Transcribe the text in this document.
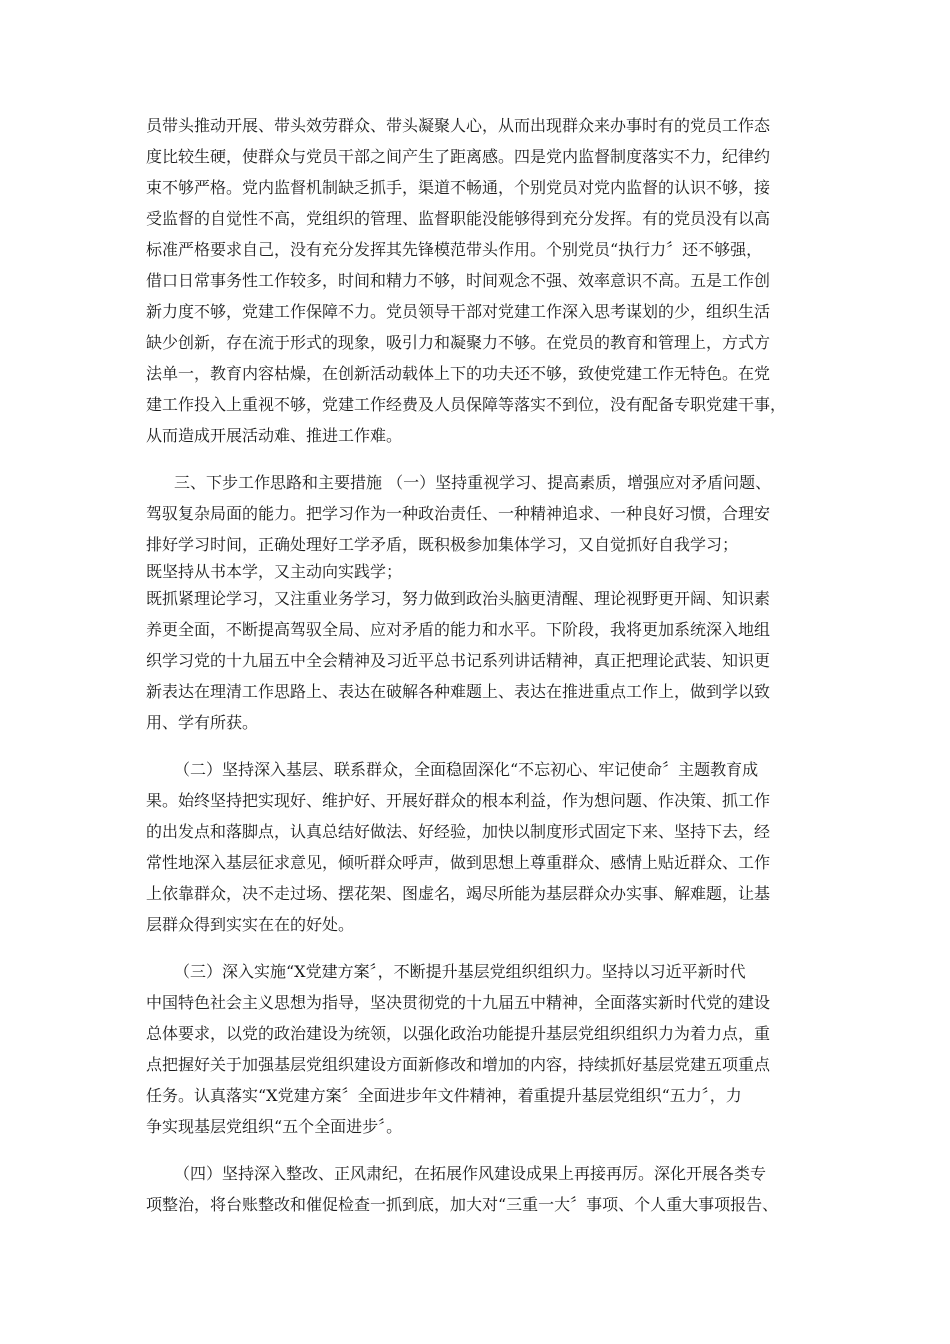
员带头推动开展、带头效劳群众、带头凝聚人心，从而出现群众来办事时有的党员工作态
度比较生硬，使群众与党员干部之间产生了距离感。四是党内监督制度落实不力，纪律约
束不够严格。党内监督机制缺乏抓手，渠道不畅通，个别党员对党内监督的认识不够，接
受监督的自觉性不高，党组织的管理、监督职能没能够得到充分发挥。有的党员没有以高
标准严格要求自己，没有充分发挥其先锋模范带头作用。个别党员“执行力〞还不够强，
借口日常事务性工作较多，时间和精力不够，时间观念不强、效率意识不高。五是工作创
新力度不够，党建工作保障不力。党员领导干部对党建工作深入思考谋划的少，组织生活
缺少创新，存在流于形式的现象，吸引力和凝聚力不够。在党员的教育和管理上，方式方
法单一，教育内容枯燥，在创新活动载体上下的功夫还不够，致使党建工作无特色。在党
建工作投入上重视不够，党建工作经费及人员保障等落实不到位，没有配备专职党建干事，
从而造成开展活动难、推进工作难。
三、下步工作思路和主要措施 （一）坚持重视学习、提高素质，增强应对矛盾问题、
驾驭复杂局面的能力。把学习作为一种政治责任、一种精神追求、一种良好习惯，合理安
排好学习时间，正确处理好工学矛盾，既积极参加集体学习，又自觉抓好自我学习；
既坚持从书本学，又主动向实践学；
既抓紧理论学习，又注重业务学习，努力做到政治头脑更清醒、理论视野更开阔、知识素
养更全面，不断提高驾驭全局、应对矛盾的能力和水平。下阶段，我将更加系统深入地组
织学习党的十九届五中全会精神及习近平总书记系列讲话精神，真正把理论武装、知识更
新表达在理清工作思路上、表达在破解各种难题上、表达在推进重点工作上，做到学以致
用、学有所获。
（二）坚持深入基层、联系群众，全面稳固深化“不忘初心、牢记使命〞主题教育成
果。始终坚持把实现好、维护好、开展好群众的根本利益，作为想问题、作决策、抓工作
的出发点和落脚点，认真总结好做法、好经验，加快以制度形式固定下来、坚持下去，经
常性地深入基层征求意见，倾听群众呼声，做到思想上尊重群众、感情上贴近群众、工作
上依靠群众，决不走过场、摆花架、图虚名，竭尽所能为基层群众办实事、解难题，让基
层群众得到实实在在的好处。
（三）深入实施“X党建方案〞，不断提升基层党组织组织力。坚持以习近平新时代
中国特色社会主义思想为指导，坚决贯彻党的十九届五中精神，全面落实新时代党的建设
总体要求，以党的政治建设为统领，以强化政治功能提升基层党组织组织力为着力点，重
点把握好关于加强基层党组织建设方面新修改和增加的内容，持续抓好基层党建五项重点
任务。认真落实“X党建方案〞全面进步年文件精神，着重提升基层党组织“五力〞，力
争实现基层党组织“五个全面进步〞。
（四）坚持深入整改、正风肃纪，在拓展作风建设成果上再接再厉。深化开展各类专
项整治，将台账整改和催促检查一抓到底，加大对“三重一大〞事项、个人重大事项报告、
